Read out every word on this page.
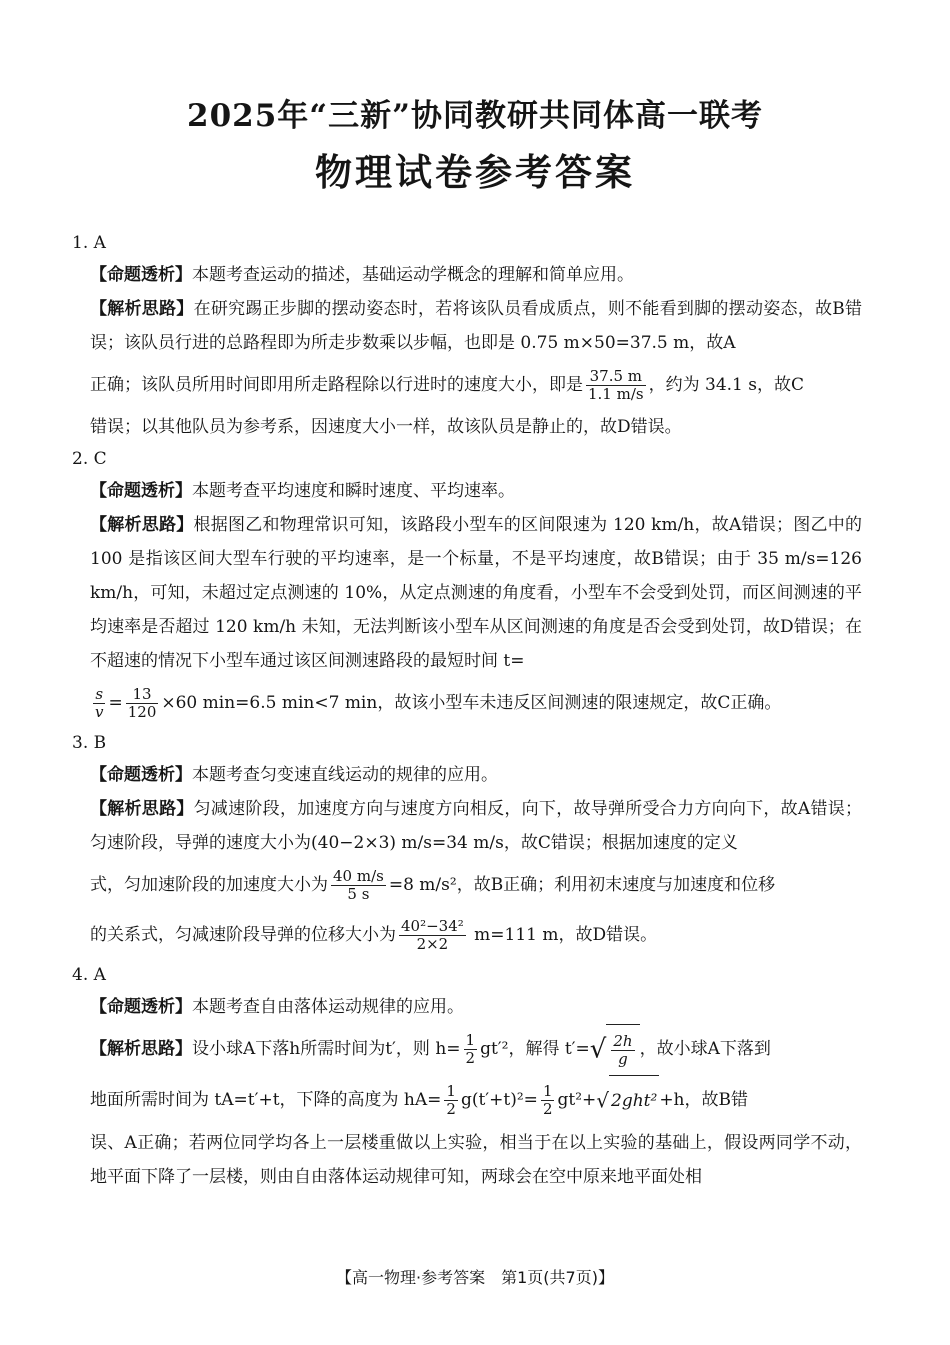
2025年“三新”协同教研共同体高一联考
物理试卷参考答案
1. A
【命题透析】本题考查运动的描述，基础运动学概念的理解和简单应用。
【解析思路】在研究踢正步脚的摆动姿态时，若将该队员看成质点，则不能看到脚的摆动姿态，故B错误；该队员行进的总路程即为所走步数乘以步幅，也即是 0.75 m×50=37.5 m，故A
正确；该队员所用时间即用所走路程除以行进时的速度大小，即是 $\frac{37.5 m}{1.1 m/s}$ ，约为 34.1 s，故C
错误；以其他队员为参考系，因速度大小一样，故该队员是静止的，故D错误。
2. C
【命题透析】本题考查平均速度和瞬时速度、平均速率。
【解析思路】根据图乙和物理常识可知，该路段小型车的区间限速为 120 km/h，故A错误；图乙中的 100 是指该区间大型车行驶的平均速率，是一个标量，不是平均速度，故B错误；由于 35 m/s=126 km/h，可知，未超过定点测速的 10%，从定点测速的角度看，小型车不会受到处罚，而区间测速的平均速率是否超过 120 km/h 未知，无法判断该小型车从区间测速的角度是否会受到处罚，故D错误；在不超速的情况下小型车通过该区间测速路段的最短时间 t=
$\frac{s}{v} = \frac{13}{120} \times 60$ min=6.5 min<7 min，故该小型车未违反区间测速的限速规定，故C正确。
3. B
【命题透析】本题考查匀变速直线运动的规律的应用。
【解析思路】匀减速阶段，加速度方向与速度方向相反，向下，故导弹所受合力方向向下，故A错误；匀速阶段，导弹的速度大小为(40−2×3) m/s=34 m/s，故C错误；根据加速度的定义
式，匀加速阶段的加速度大小为 $\frac{40 m/s}{5 s} =8$ m/s²，故B正确；利用初末速度与加速度和位移
的关系式，匀减速阶段导弹的位移大小为 $\frac{\text{40²−34²}}{2\times 2} m=111$ m，故D错误。
4. A
【命题透析】本题考查自由落体运动规律的应用。
【解析思路】设小球A下落h所需时间为t′，则 $h= \frac{1}{2} gt'^2$，解得 $t'=√ \frac{2h}{g}$ ，故小球A下落到
地面所需时间为 tA=t′+t，下降的高度为 $hA= \frac{1}{2} g(t'+t)^2= \frac{1}{2} gt^2+√$ 2ght² +h，故B错
误、A正确；若两位同学均各上一层楼重做以上实验，相当于在以上实验的基础上，假设两同学不动，地平面下降了一层楼，则由自由落体运动规律可知，两球会在空中原来地平面处相
【高一物理·参考答案　第1页(共7页)】
